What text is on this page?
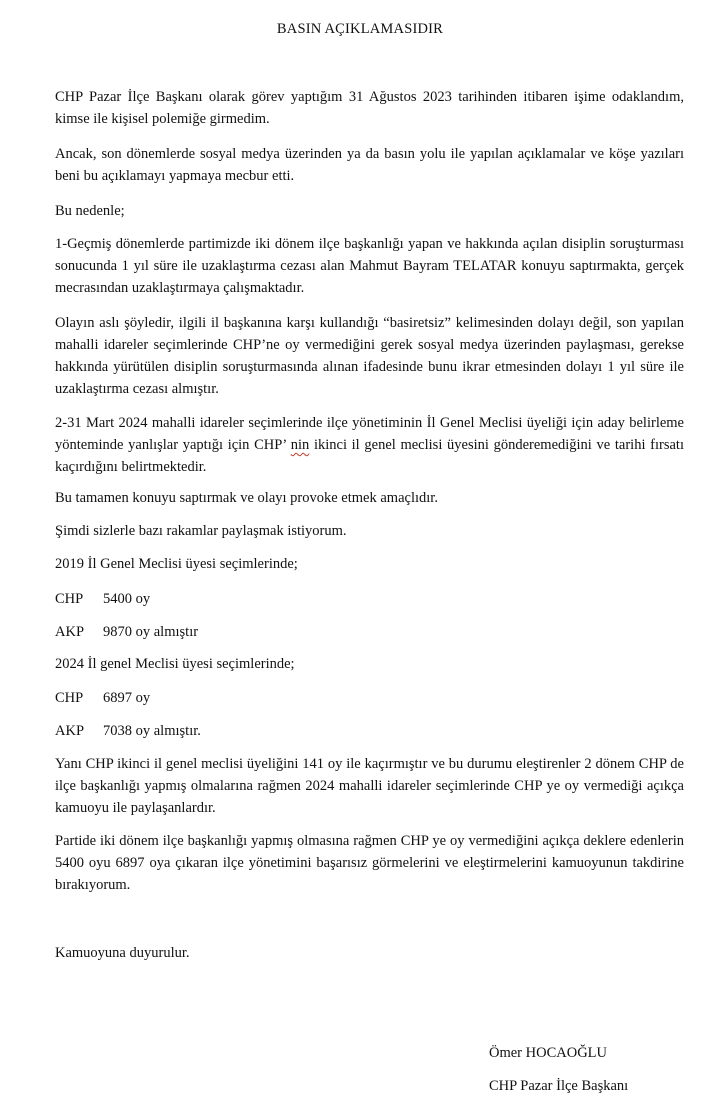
BASIN AÇIKLAMASIDIR

CHP Pazar İlçe Başkanı olarak görev yaptığım 31 Ağustos 2023 tarihinden itibaren işime odaklandım, kimse ile kişisel polemiğe girmedim.

Ancak, son dönemlerde sosyal medya üzerinden ya da basın yolu ile yapılan açıklamalar ve köşe yazıları beni bu açıklamayı yapmaya mecbur etti.

Bu nedenle;

1-Geçmiş dönemlerde partimizde iki dönem ilçe başkanlığı yapan ve hakkında açılan disiplin soruşturması sonucunda 1 yıl süre ile uzaklaştırma cezası alan Mahmut Bayram TELATAR konuyu saptırmakta, gerçek mecrasından uzaklaştırmaya çalışmaktadır.

Olayın aslı şöyledir, ilgili il başkanına karşı kullandığı “basiretsiz” kelimesinden dolayı değil, son yapılan mahalli idareler seçimlerinde CHP’ne oy vermediğini gerek sosyal medya üzerinden paylaşması, gerekse hakkında yürütülen disiplin soruşturmasında alınan ifadesinde bunu ikrar etmesinden dolayı 1 yıl süre ile uzaklaştırma cezası almıştır.

2-31 Mart 2024 mahalli idareler seçimlerinde ilçe yönetiminin İl Genel Meclisi üyeliği için aday belirleme yönteminde yanlışlar yaptığı için CHP’ nin ikinci il genel meclisi üyesini gönderemediğini ve tarihi fırsatı kaçırdığını belirtmektedir.

Bu tamamen konuyu saptırmak ve olayı provoke etmek amaçlıdır.

Şimdi sizlerle bazı rakamlar paylaşmak istiyorum.

2019 İl Genel Meclisi üyesi seçimlerinde;

CHP 5400 oy
AKP 9870 oy almıştır

2024 İl genel Meclisi üyesi seçimlerinde;

CHP 6897 oy
AKP 7038 oy almıştır.

Yanı CHP ikinci il genel meclisi üyeliğini 141 oy ile kaçırmıştır ve bu durumu eleştirenler 2 dönem CHP de ilçe başkanlığı yapmış olmalarına rağmen 2024 mahalli idareler seçimlerinde CHP ye oy vermediği açıkça kamuoyu ile paylaşanlardır.

Partide iki dönem ilçe başkanlığı yapmış olmasına rağmen CHP ye oy vermediğini açıkça deklere edenlerin 5400 oyu 6897 oya çıkaran ilçe yönetimini başarısız görmelerini ve eleştirmelerini kamuoyunun takdirine bırakıyorum.

Kamuoyuna duyurulur.

Ömer HOCAOĞLU
CHP Pazar İlçe Başkanı
